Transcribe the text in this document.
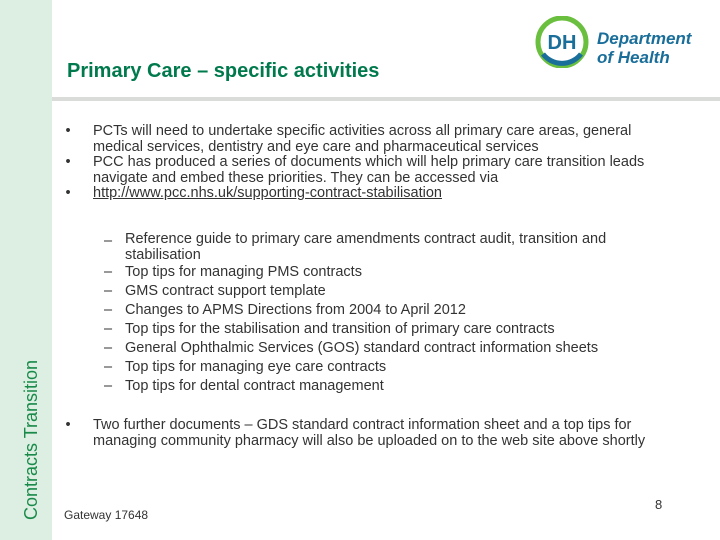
Contracts Transition
DH Department
of Health
Primary Care – specific activities
• PCTs will need to undertake specific activities across all primary care areas, general medical services, dentistry and eye care and pharmaceutical services
• PCC has produced a series of documents which will help primary care transition leads navigate and embed these priorities. They can be accessed via
• http://www.pcc.nhs.uk/supporting-contract-stabilisation
– Reference guide to primary care amendments contract audit, transition and stabilisation
– Top tips for managing PMS contracts
– GMS contract support template
– Changes to APMS Directions from 2004 to April 2012
– Top tips for the stabilisation and transition of primary care contracts
– General Ophthalmic Services (GOS) standard contract information sheets
– Top tips for managing eye care contracts
– Top tips for dental contract management
• Two further documents – GDS standard contract information sheet and a top tips for managing community pharmacy will also be uploaded on to the web site above shortly
Gateway 17648
8
